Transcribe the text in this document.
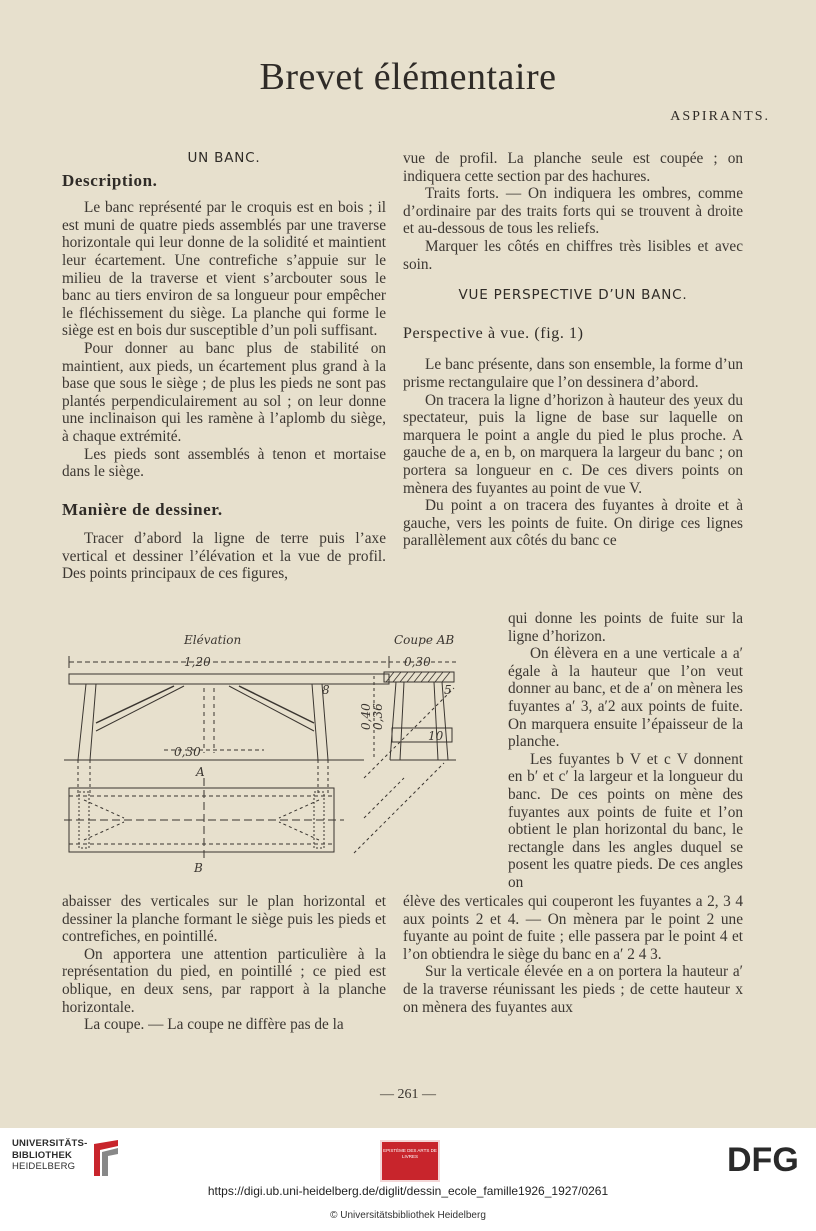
Brevet élémentaire
ASPIRANTS.
UN BANC.
Description.

Le banc représenté par le croquis est en bois ; il est muni de quatre pieds assemblés par une traverse horizontale qui leur donne de la solidité et maintient leur écartement. Une contrefiche s’appuie sur le milieu de la traverse et vient s’arcbouter sous le banc au tiers environ de sa longueur pour empêcher le fléchissement du siège. La planche qui forme le siège est en bois dur susceptible d’un poli suffisant.

Pour donner au banc plus de stabilité on maintient, aux pieds, un écartement plus grand à la base que sous le siège ; de plus les pieds ne sont pas plantés perpendiculairement au sol ; on leur donne une inclinaison qui les ramène à l’aplomb du siège, à chaque extrémité.

Les pieds sont assemblés à tenon et mortaise dans le siège.

Manière de dessiner.

Tracer d’abord la ligne de terre puis l’axe vertical et dessiner l’élévation et la vue de profil. Des points principaux de ces figures,

Elévation	Coupe AB
1,20	0,30
0,30
8	5
10
A
B
0,40
0,36

abaisser des verticales sur le plan horizontal et dessiner la planche formant le siège puis les pieds et contrefiches, en pointillé.

On apportera une attention particulière à la représentation du pied, en pointillé ; ce pied est oblique, en deux sens, par rapport à la planche horizontale.

La coupe. — La coupe ne diffère pas de la

vue de profil. La planche seule est coupée ; on indiquera cette section par des hachures.

Traits forts. — On indiquera les ombres, comme d’ordinaire par des traits forts qui se trouvent à droite et au-dessous de tous les reliefs.

Marquer les côtés en chiffres très lisibles et avec soin.

VUE PERSPECTIVE D’UN BANC.
Perspective à vue. (fig. 1)

Le banc présente, dans son ensemble, la forme d’un prisme rectangulaire que l’on dessinera d’abord.

On tracera la ligne d’horizon à hauteur des yeux du spectateur, puis la ligne de base sur laquelle on marquera le point a angle du pied le plus proche. A gauche de a, en b, on marquera la largeur du banc ; on portera sa longueur en c. De ces divers points on mènera des fuyantes au point de vue V.

Du point a on tracera des fuyantes à droite et à gauche, vers les points de fuite. On dirige ces lignes parallèlement aux côtés du banc ce

qui donne les points de fuite sur la ligne d’horizon.

On élèvera en a une verticale a a′ égale à la hauteur que l’on veut donner au banc, et de a′ on mènera les fuyantes a′ 3, a′2 aux points de fuite. On marquera ensuite l’épaisseur de la planche.

Les fuyantes b V et c V donnent en b′ et c′ la largeur et la longueur du banc. De ces points on mène des fuyantes aux points de fuite et l’on obtient le plan horizontal du banc, le rectangle dans les angles duquel se posent les quatre pieds. De ces angles on

élève des verticales qui couperont les fuyantes a 2, 3 4 aux points 2 et 4. — On mènera par le point 2 une fuyante au point de fuite ; elle passera par le point 4 et l’on obtiendra le siège du banc en a′ 2 4 3.

Sur la verticale élevée en a on portera la hauteur a′ de la traverse réunissant les pieds ; de cette hauteur x on mènera des fuyantes aux

— 261 —
UNIVERSITÄTS-
BIBLIOTHEK
HEIDELBERG
EPISTÈME DES ARTS DE LIVRES	DFG
https://digi.ub.uni-heidelberg.de/diglit/dessin_ecole_famille1926_1927/0261
© Universitätsbibliothek Heidelberg
